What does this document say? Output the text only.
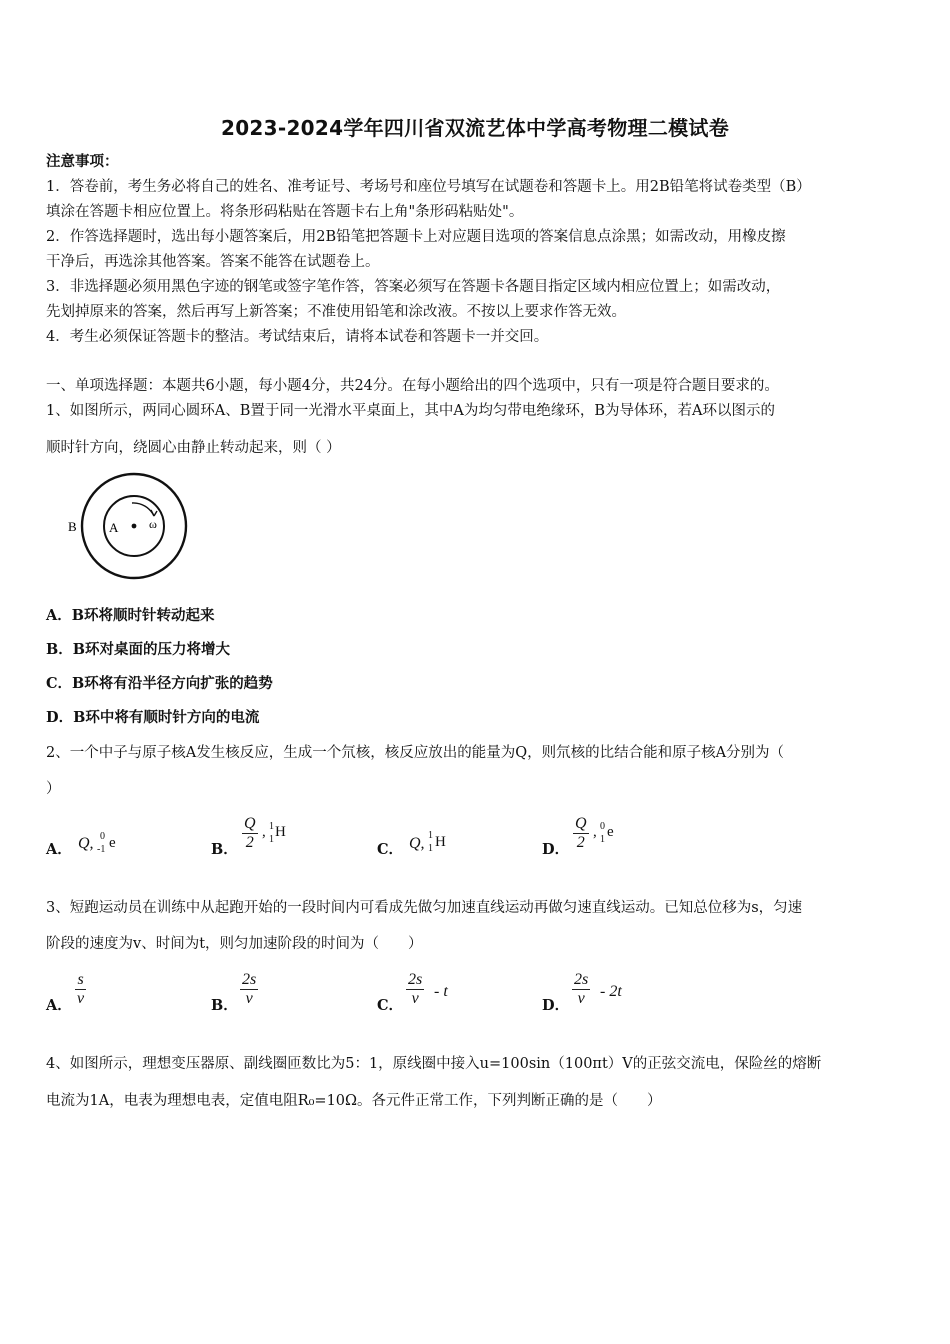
2023-2024学年四川省双流艺体中学高考物理二模试卷
注意事项：
1．答卷前，考生务必将自己的姓名、准考证号、考场号和座位号填写在试题卷和答题卡上。用2B铅笔将试卷类型（B）
填涂在答题卡相应位置上。将条形码粘贴在答题卡右上角"条形码粘贴处"。
2．作答选择题时，选出每小题答案后，用2B铅笔把答题卡上对应题目选项的答案信息点涂黑；如需改动，用橡皮擦
干净后，再选涂其他答案。答案不能答在试题卷上。
3．非选择题必须用黑色字迹的钢笔或签字笔作答，答案必须写在答题卡各题目指定区域内相应位置上；如需改动，
先划掉原来的答案，然后再写上新答案；不准使用铅笔和涂改液。不按以上要求作答无效。
4．考生必须保证答题卡的整洁。考试结束后，请将本试卷和答题卡一并交回。
一、单项选择题：本题共6小题，每小题4分，共24分。在每小题给出的四个选项中，只有一项是符合题目要求的。
1、如图所示，两同心圆环A、B置于同一光滑水平桌面上，其中A为均匀带电绝缘环，B为导体环，若A环以图示的
顺时针方向，绕圆心由静止转动起来，则（ ）
B A	ω
A．B环将顺时针转动起来
B．B环对桌面的压力将增大
C．B环将有沿半径方向扩张的趋势
D．B环中将有顺时针方向的电流
2、一个中子与原子核A发生核反应，生成一个氘核，核反应放出的能量为Q，则氘核的比结合能和原子核A分别为（
）
A． Q, 0
-1 e	B． $\frac{Q}{2}$ , 1
1 H
C． Q, 1
1 H	D． $\frac{Q}{2}$ , 0
1 e
3、短跑运动员在训练中从起跑开始的一段时间内可看成先做匀加速直线运动再做匀速直线运动。已知总位移为s，匀速
阶段的速度为v、时间为t，则匀加速阶段的时间为（　　）
A． $\frac{s}{v}$	B． $\frac{2s}{v}$	C． $\frac{2s}{v}$ - t
D． $\frac{2s}{v} - 2t$
4、如图所示，理想变压器原、副线圈匝数比为5：1，原线圈中接入u=100sin（100πt）V的正弦交流电，保险丝的熔断
电流为1A，电表为理想电表，定值电阻R₀=10Ω。各元件正常工作，下列判断正确的是（　　）
